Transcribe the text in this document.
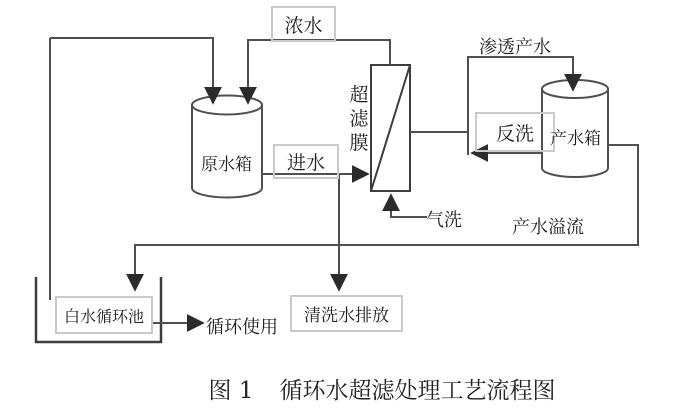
浓水
进水
反洗
白水循环池	清洗水排放
渗透产水
超滤膜
原水箱
产水箱
气洗	产水溢流
循环使用
图 1 循环水超滤处理工艺流程图
